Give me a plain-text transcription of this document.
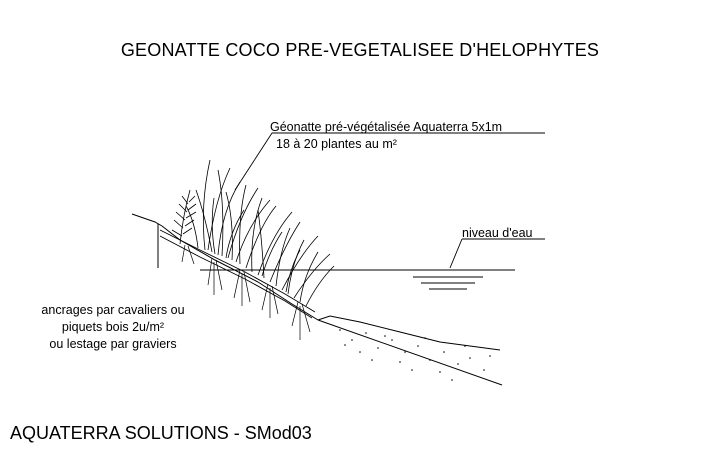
GEONATTE COCO PRE-VEGETALISEE D'HELOPHYTES
Géonatte pré-végétalisée Aquaterra 5x1m
18 à 20 plantes au m²
niveau d'eau
ancrages par cavaliers ou
piquets bois 2u/m²
ou lestage par graviers
AQUATERRA SOLUTIONS - SMod03
